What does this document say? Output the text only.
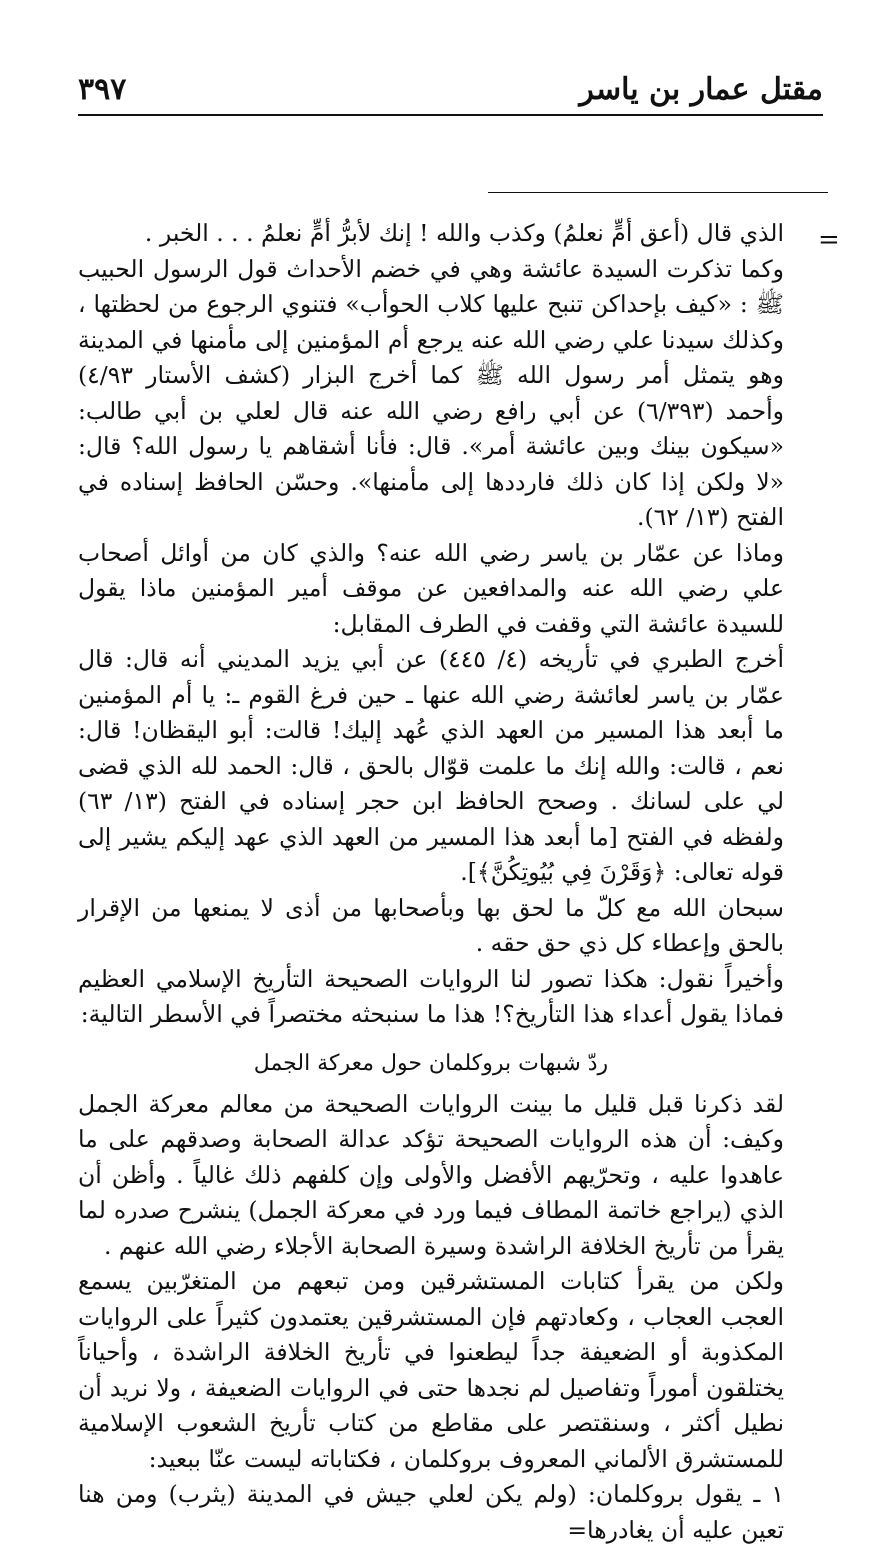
مقتل عمار بن ياسر
٣٩٧
=

الذي قال (أعق أمٍّ نعلمُ) وكذب والله ! إنك لأبرُّ أمٍّ نعلمُ . . . الخبر .

وكما تذكرت السيدة عائشة وهي في خضم الأحداث قول الرسول الحبيب ﷺ : «كيف بإحداكن تنبح عليها كلاب الحوأب» فتنوي الرجوع من لحظتها ، وكذلك سيدنا علي رضي الله عنه يرجع أم المؤمنين إلى مأمنها في المدينة وهو يتمثل أمر رسول الله ﷺ كما أخرج البزار (كشف الأستار ٤/٩٣) وأحمد (٦/٣٩٣) عن أبي رافع رضي الله عنه قال لعلي بن أبي طالب: «سيكون بينك وبين عائشة أمر». قال: فأنا أشقاهم يا رسول الله؟ قال: «لا ولكن إذا كان ذلك فارددها إلى مأمنها». وحسّن الحافظ إسناده في الفتح (١٣/ ٦٢).

وماذا عن عمّار بن ياسر رضي الله عنه؟ والذي كان من أوائل أصحاب علي رضي الله عنه والمدافعين عن موقف أمير المؤمنين ماذا يقول للسيدة عائشة التي وقفت في الطرف المقابل:

أخرج الطبري في تأريخه (٤/ ٤٤٥) عن أبي يزيد المديني أنه قال: قال عمّار بن ياسر لعائشة رضي الله عنها ـ حين فرغ القوم ـ: يا أم المؤمنين ما أبعد هذا المسير من العهد الذي عُهد إليك! قالت: أبو اليقظان! قال: نعم ، قالت: والله إنك ما علمت قوّال بالحق ، قال: الحمد لله الذي قضى لي على لسانك . وصحح الحافظ ابن حجر إسناده في الفتح (١٣/ ٦٣) ولفظه في الفتح [ما أبعد هذا المسير من العهد الذي عهد إليكم يشير إلى قوله تعالى: ﴿وَقَرْنَ فِي بُيُوتِكُنَّ﴾].

سبحان الله مع كلّ ما لحق بها وبأصحابها من أذى لا يمنعها من الإقرار بالحق وإعطاء كل ذي حق حقه .

وأخيراً نقول: هكذا تصور لنا الروايات الصحيحة التأريخ الإسلامي العظيم فماذا يقول أعداء هذا التأريخ؟! هذا ما سنبحثه مختصراً في الأسطر التالية:

ردّ شبهات بروكلمان حول معركة الجمل

لقد ذكرنا قبل قليل ما بينت الروايات الصحيحة من معالم معركة الجمل وكيف: أن هذه الروايات الصحيحة تؤكد عدالة الصحابة وصدقهم على ما عاهدوا عليه ، وتحرّيهم الأفضل والأولى وإن كلفهم ذلك غالياً . وأظن أن الذي (يراجع خاتمة المطاف فيما ورد في معركة الجمل) ينشرح صدره لما يقرأ من تأريخ الخلافة الراشدة وسيرة الصحابة الأجلاء رضي الله عنهم .

ولكن من يقرأ كتابات المستشرقين ومن تبعهم من المتغرّبين يسمع العجب العجاب ، وكعادتهم فإن المستشرقين يعتمدون كثيراً على الروايات المكذوبة أو الضعيفة جداً ليطعنوا في تأريخ الخلافة الراشدة ، وأحياناً يختلقون أموراً وتفاصيل لم نجدها حتى في الروايات الضعيفة ، ولا نريد أن نطيل أكثر ، وسنقتصر على مقاطع من كتاب تأريخ الشعوب الإسلامية للمستشرق الألماني المعروف بروكلمان ، فكتاباته ليست عنّا ببعيد:

١ ـ يقول بروكلمان: (ولم يكن لعلي جيش في المدينة (يثرب) ومن هنا تعين عليه أن يغادرها=
